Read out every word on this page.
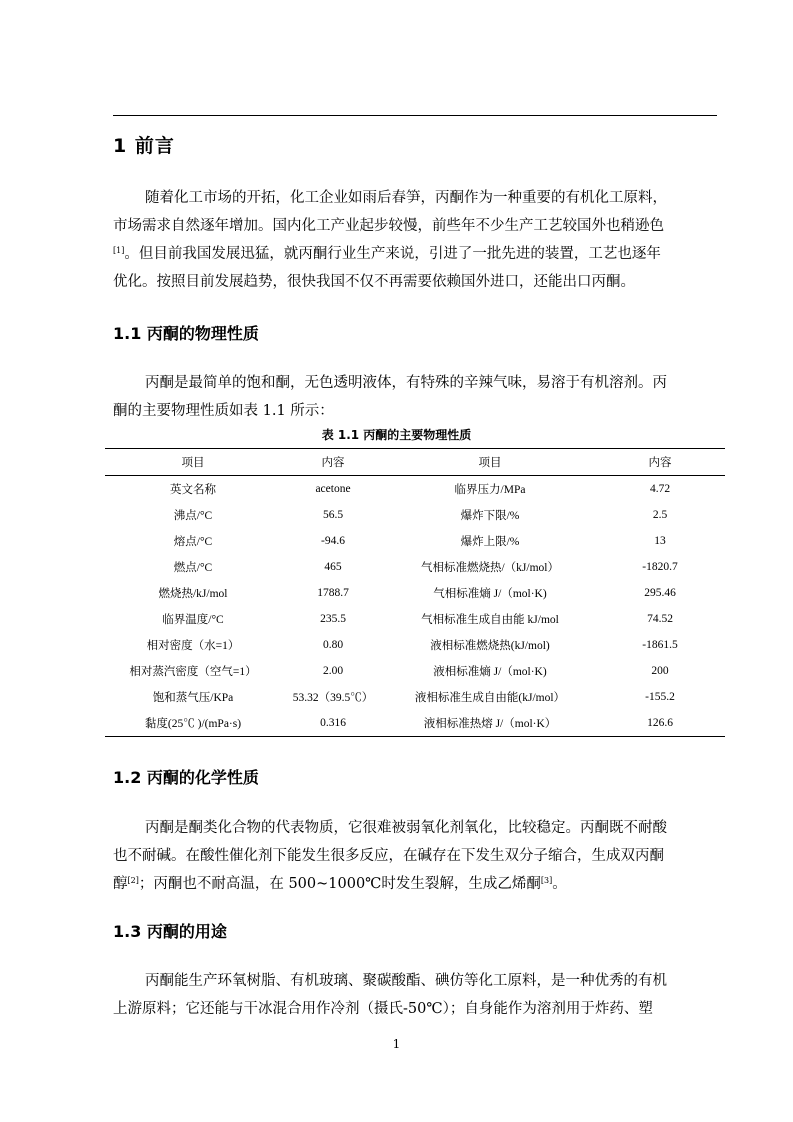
1 前言
随着化工市场的开拓，化工企业如雨后春笋，丙酮作为一种重要的有机化工原料，
市场需求自然逐年增加。国内化工产业起步较慢，前些年不少生产工艺较国外也稍逊色
[1]。但目前我国发展迅猛，就丙酮行业生产来说，引进了一批先进的装置，工艺也逐年
优化。按照目前发展趋势，很快我国不仅不再需要依赖国外进口，还能出口丙酮。
1.1 丙酮的物理性质
丙酮是最简单的饱和酮，无色透明液体，有特殊的辛辣气味，易溶于有机溶剂。丙
酮的主要物理性质如表 1.1 所示：
表 1.1 丙酮的主要物理性质
项目	内容	项目	内容
英文名称	acetone	临界压力/MPa	4.72
沸点/°C	56.5	爆炸下限/%	2.5
熔点/°C	-94.6	爆炸上限/%	13
燃点/°C	465	气相标准燃烧热/（kJ/mol）	-1820.7
燃烧热/kJ/mol	1788.7	气相标准熵 J/（mol·K)	295.46
临界温度/°C	235.5	气相标准生成自由能 kJ/mol	74.52
相对密度（水=1）	0.80	液相标准燃烧热(kJ/mol)	-1861.5
相对蒸汽密度（空气=1）	2.00	液相标准熵 J/（mol·K)	200
饱和蒸气压/KPa	53.32（39.5℃）	液相标准生成自由能(kJ/mol）	-155.2
黏度(25℃ )/(mPa·s)	0.316	液相标准热熔 J/（mol·K）	126.6
1.2 丙酮的化学性质
丙酮是酮类化合物的代表物质，它很难被弱氧化剂氧化，比较稳定。丙酮既不耐酸
也不耐碱。在酸性催化剂下能发生很多反应，在碱存在下发生双分子缩合，生成双丙酮
醇[2]；丙酮也不耐高温，在 500~1000℃时发生裂解，生成乙烯酮[3]。
1.3 丙酮的用途
丙酮能生产环氧树脂、有机玻璃、聚碳酸酯、碘仿等化工原料，是一种优秀的有机
上游原料；它还能与干冰混合用作冷剂（摄氏-50℃）；自身能作为溶剂用于炸药、塑
1
